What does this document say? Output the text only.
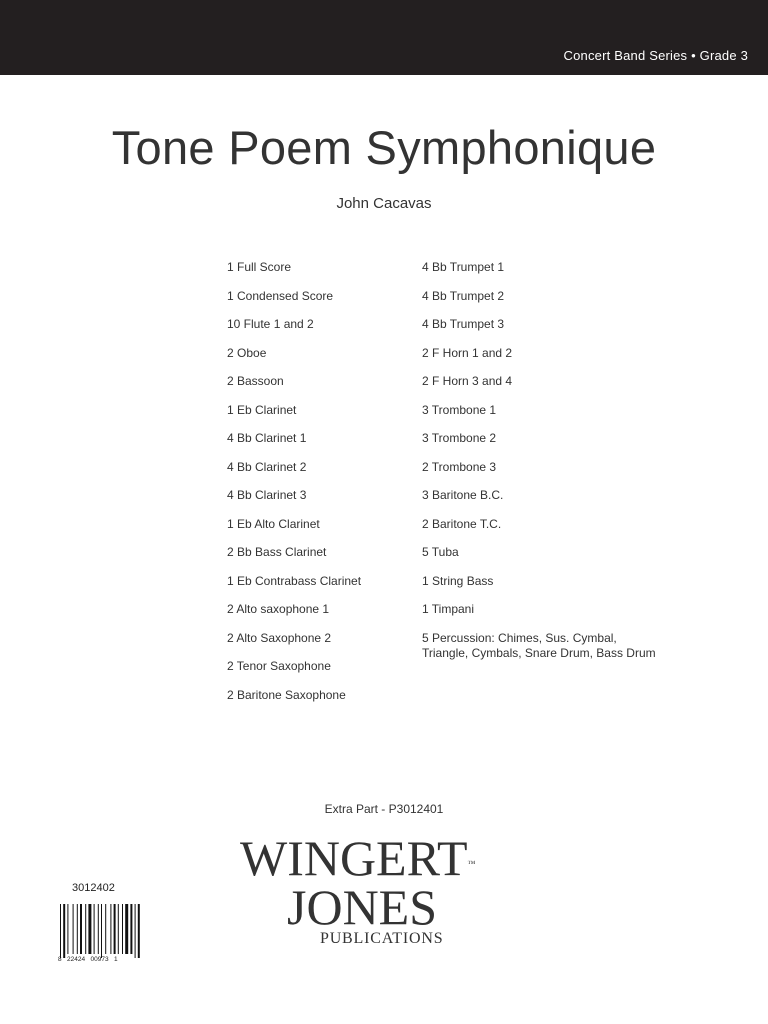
Concert Band Series • Grade 3
Tone Poem Symphonique
John Cacavas
1 Full Score
1 Condensed Score
10 Flute 1 and 2
2 Oboe
2 Bassoon
1 Eb Clarinet
4 Bb Clarinet 1
4 Bb Clarinet 2
4 Bb Clarinet 3
1 Eb Alto Clarinet
2 Bb Bass Clarinet
1 Eb Contrabass Clarinet
2 Alto saxophone 1
2 Alto Saxophone 2
2 Tenor Saxophone
2 Baritone Saxophone
4 Bb Trumpet 1
4 Bb Trumpet 2
4 Bb Trumpet 3
2 F Horn 1 and 2
2 F Horn 3 and 4
3 Trombone 1
3 Trombone 2
2 Trombone 3
3 Baritone B.C.
2 Baritone T.C.
5 Tuba
1 String Bass
1 Timpani
5 Percussion: Chimes, Sus. Cymbal,
Triangle, Cymbals, Snare Drum, Bass Drum
Extra Part - P3012401
WINGERT™
JONES
PUBLICATIONS
3012402
8   22424   00973   1
